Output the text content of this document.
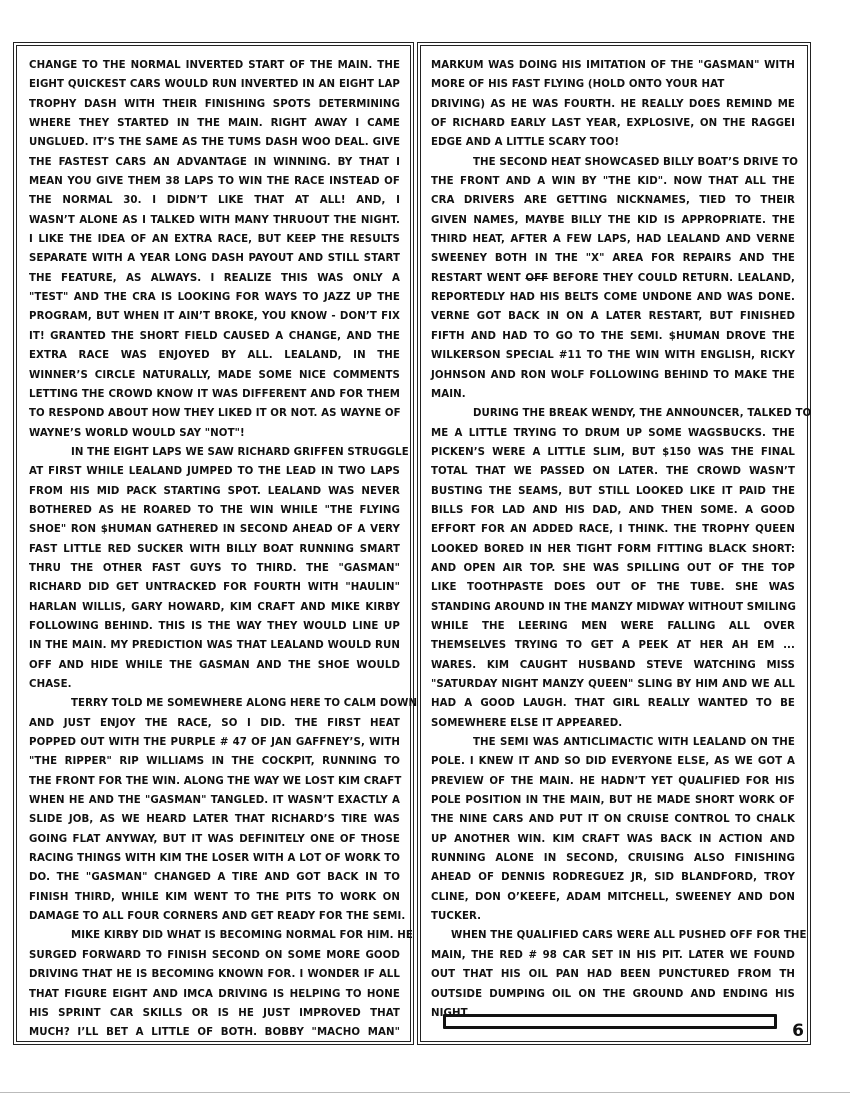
CHANGE TO THE NORMAL INVERTED START OF THE MAIN. THE
EIGHT QUICKEST CARS WOULD RUN INVERTED IN AN EIGHT LAP
TROPHY DASH WITH THEIR FINISHING SPOTS DETERMINING
WHERE THEY STARTED IN THE MAIN. RIGHT AWAY I CAME
UNGLUED. IT’S THE SAME AS THE TUMS DASH WOO DEAL. GIVE
THE FASTEST CARS AN ADVANTAGE IN WINNING. BY THAT I
MEAN YOU GIVE THEM 38 LAPS TO WIN THE RACE INSTEAD OF
THE NORMAL 30. I DIDN’T LIKE THAT AT ALL! AND, I
WASN’T ALONE AS I TALKED WITH MANY THRUOUT THE NIGHT.
I LIKE THE IDEA OF AN EXTRA RACE, BUT KEEP THE RESULTS
SEPARATE WITH A YEAR LONG DASH PAYOUT AND STILL START
THE FEATURE, AS ALWAYS. I REALIZE THIS WAS ONLY A
"TEST" AND THE CRA IS LOOKING FOR WAYS TO JAZZ UP THE
PROGRAM, BUT WHEN IT AIN’T BROKE, YOU KNOW - DON’T FIX
IT! GRANTED THE SHORT FIELD CAUSED A CHANGE, AND THE
EXTRA RACE WAS ENJOYED BY ALL. LEALAND, IN THE
WINNER’S CIRCLE NATURALLY, MADE SOME NICE COMMENTS
LETTING THE CROWD KNOW IT WAS DIFFERENT AND FOR THEM
TO RESPOND ABOUT HOW THEY LIKED IT OR NOT. AS WAYNE OF
WAYNE’S WORLD WOULD SAY "NOT"!
IN THE EIGHT LAPS WE SAW RICHARD GRIFFEN STRUGGLE
AT FIRST WHILE LEALAND JUMPED TO THE LEAD IN TWO LAPS
FROM HIS MID PACK STARTING SPOT. LEALAND WAS NEVER
BOTHERED AS HE ROARED TO THE WIN WHILE "THE FLYING
SHOE" RON $HUMAN GATHERED IN SECOND AHEAD OF A VERY
FAST LITTLE RED SUCKER WITH BILLY BOAT RUNNING SMART
THRU THE OTHER FAST GUYS TO THIRD. THE "GASMAN"
RICHARD DID GET UNTRACKED FOR FOURTH WITH "HAULIN"
HARLAN WILLIS, GARY HOWARD, KIM CRAFT AND MIKE KIRBY
FOLLOWING BEHIND. THIS IS THE WAY THEY WOULD LINE UP
IN THE MAIN. MY PREDICTION WAS THAT LEALAND WOULD RUN
OFF AND HIDE WHILE THE GASMAN AND THE SHOE WOULD
CHASE.
TERRY TOLD ME SOMEWHERE ALONG HERE TO CALM DOWN
AND JUST ENJOY THE RACE, SO I DID. THE FIRST HEAT
POPPED OUT WITH THE PURPLE # 47 OF JAN GAFFNEY’S, WITH
"THE RIPPER" RIP WILLIAMS IN THE COCKPIT, RUNNING TO
THE FRONT FOR THE WIN. ALONG THE WAY WE LOST KIM CRAFT
WHEN HE AND THE "GASMAN" TANGLED. IT WASN’T EXACTLY A
SLIDE JOB, AS WE HEARD LATER THAT RICHARD’S TIRE WAS
GOING FLAT ANYWAY, BUT IT WAS DEFINITELY ONE OF THOSE
RACING THINGS WITH KIM THE LOSER WITH A LOT OF WORK TO
DO. THE "GASMAN" CHANGED A TIRE AND GOT BACK IN TO
FINISH THIRD, WHILE KIM WENT TO THE PITS TO WORK ON
DAMAGE TO ALL FOUR CORNERS AND GET READY FOR THE SEMI.
MIKE KIRBY DID WHAT IS BECOMING NORMAL FOR HIM. HE
SURGED FORWARD TO FINISH SECOND ON SOME MORE GOOD
DRIVING THAT HE IS BECOMING KNOWN FOR. I WONDER IF ALL
THAT FIGURE EIGHT AND IMCA DRIVING IS HELPING TO HONE
HIS SPRINT CAR SKILLS OR IS HE JUST IMPROVED THAT
MUCH? I’LL BET A LITTLE OF BOTH. BOBBY "MACHO MAN"
MARKUM WAS DOING HIS IMITATION OF THE "GASMAN" WITH
MORE OF HIS FAST FLYING (HOLD ONTO YOUR HAT
DRIVING) AS HE WAS FOURTH. HE REALLY DOES REMIND ME
OF RICHARD EARLY LAST YEAR, EXPLOSIVE, ON THE RAGGEI
EDGE AND A LITTLE SCARY TOO!
THE SECOND HEAT SHOWCASED BILLY BOAT’S DRIVE TO
THE FRONT AND A WIN BY "THE KID". NOW THAT ALL THE
CRA DRIVERS ARE GETTING NICKNAMES, TIED TO THEIR
GIVEN NAMES, MAYBE BILLY THE KID IS APPROPRIATE. THE
THIRD HEAT, AFTER A FEW LAPS, HAD LEALAND AND VERNE
SWEENEY BOTH IN THE "X" AREA FOR REPAIRS AND THE
RESTART WENT OFF BEFORE THEY COULD RETURN. LEALAND,
REPORTEDLY HAD HIS BELTS COME UNDONE AND WAS DONE.
VERNE GOT BACK IN ON A LATER RESTART, BUT FINISHED
FIFTH AND HAD TO GO TO THE SEMI. $HUMAN DROVE THE
WILKERSON SPECIAL #11 TO THE WIN WITH ENGLISH, RICKY
JOHNSON AND RON WOLF FOLLOWING BEHIND TO MAKE THE
MAIN.
DURING THE BREAK WENDY, THE ANNOUNCER, TALKED TO
ME A LITTLE TRYING TO DRUM UP SOME WAGSBUCKS. THE
PICKEN’S WERE A LITTLE SLIM, BUT $150 WAS THE FINAL
TOTAL THAT WE PASSED ON LATER. THE CROWD WASN’T
BUSTING THE SEAMS, BUT STILL LOOKED LIKE IT PAID THE
BILLS FOR LAD AND HIS DAD, AND THEN SOME. A GOOD
EFFORT FOR AN ADDED RACE, I THINK. THE TROPHY QUEEN
LOOKED BORED IN HER TIGHT FORM FITTING BLACK SHORT:
AND OPEN AIR TOP. SHE WAS SPILLING OUT OF THE TOP
LIKE TOOTHPASTE DOES OUT OF THE TUBE. SHE WAS
STANDING AROUND IN THE MANZY MIDWAY WITHOUT SMILING
WHILE THE LEERING MEN WERE FALLING ALL OVER
THEMSELVES TRYING TO GET A PEEK AT HER AH EM ...
WARES. KIM CAUGHT HUSBAND STEVE WATCHING MISS
"SATURDAY NIGHT MANZY QUEEN" SLING BY HIM AND WE ALL
HAD A GOOD LAUGH. THAT GIRL REALLY WANTED TO BE
SOMEWHERE ELSE IT APPEARED.
THE SEMI WAS ANTICLIMACTIC WITH LEALAND ON THE
POLE. I KNEW IT AND SO DID EVERYONE ELSE, AS WE GOT A
PREVIEW OF THE MAIN. HE HADN’T YET QUALIFIED FOR HIS
POLE POSITION IN THE MAIN, BUT HE MADE SHORT WORK OF
THE NINE CARS AND PUT IT ON CRUISE CONTROL TO CHALK
UP ANOTHER WIN. KIM CRAFT WAS BACK IN ACTION AND
RUNNING ALONE IN SECOND, CRUISING ALSO FINISHING
AHEAD OF DENNIS RODREGUEZ JR, SID BLANDFORD, TROY
CLINE, DON O’KEEFE, ADAM MITCHELL, SWEENEY AND DON
TUCKER.
WHEN THE QUALIFIED CARS WERE ALL PUSHED OFF FOR THE
MAIN, THE RED # 98 CAR SET IN HIS PIT. LATER WE FOUND
OUT THAT HIS OIL PAN HAD BEEN PUNCTURED FROM TH
OUTSIDE DUMPING OIL ON THE GROUND AND ENDING HIS
NIGHT.
6
